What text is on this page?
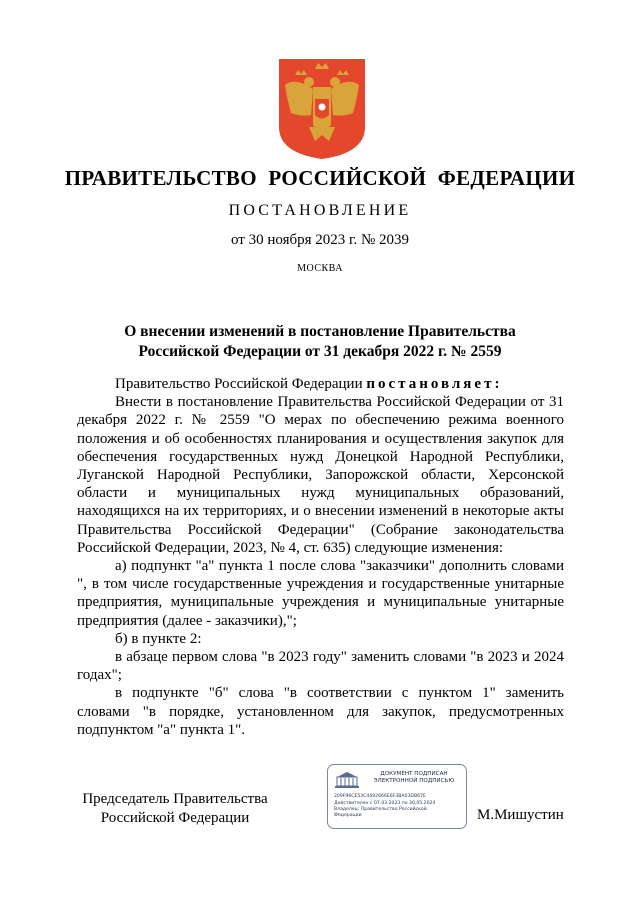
ПРАВИТЕЛЬСТВО РОССИЙСКОЙ ФЕДЕРАЦИИ
ПОСТАНОВЛЕНИЕ
от 30 ноября 2023 г. № 2039
МОСКВА
О внесении изменений в постановление Правительства
Российской Федерации от 31 декабря 2022 г. № 2559

Правительство Российской Федерации постановляет:

Внести в постановление Правительства Российской Федерации от 31 декабря 2022 г. № 2559 "О мерах по обеспечению режима военного положения и об особенностях планирования и осуществления закупок для обеспечения государственных нужд Донецкой Народной Республики, Луганской Народной Республики, Запорожской области, Херсонской области и муниципальных нужд муниципальных образований, находящихся на их территориях, и о внесении изменений в некоторые акты Правительства Российской Федерации" (Собрание законодательства Российской Федерации, 2023, № 4, ст. 635) следующие изменения:

а) подпункт "а" пункта 1 после слова "заказчики" дополнить словами ", в том числе государственные учреждения и государственные унитарные предприятия, муниципальные учреждения и муниципальные унитарные предприятия (далее - заказчики),";

б) в пункте 2:

в абзаце первом слова "в 2023 году" заменить словами "в 2023 и 2024 годах";

в подпункте "б" слова "в соответствии с пунктом 1" заменить словами "в порядке, установленном для закупок, предусмотренных подпунктом "а" пункта 1".

Председатель Правительства
Российской Федерации
ДОКУМЕНТ ПОДПИСАН
ЭЛЕКТРОННОЙ ПОДПИСЬЮ
209F96CE53C4692666E6F3BA03DB67E
Действителен с 07.03.2023 по 30.05.2024
Владелец: Правительство Российской
Федерации	М.Мишустин
